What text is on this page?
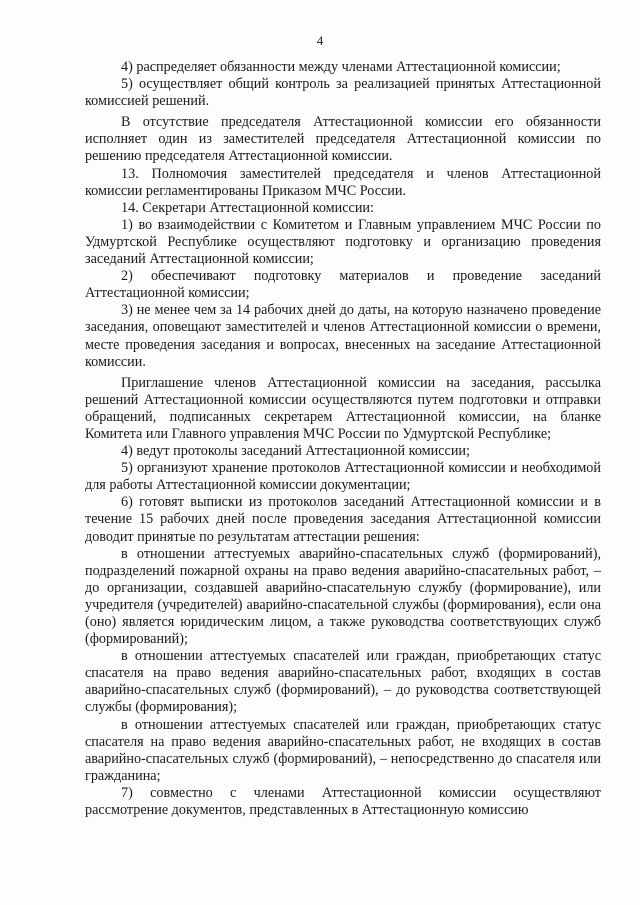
4

4) распределяет обязанности между членами Аттестационной комиссии;

5) осуществляет общий контроль за реализацией принятых Аттестационной комиссией решений.

В отсутствие председателя Аттестационной комиссии его обязанности исполняет один из заместителей председателя Аттестационной комиссии по решению председателя Аттестационной комиссии.

13. Полномочия заместителей председателя и членов Аттестационной комиссии регламентированы Приказом МЧС России.

14. Секретари Аттестационной комиссии:

1) во взаимодействии с Комитетом и Главным управлением МЧС России по Удмуртской Республике осуществляют подготовку и организацию проведения заседаний Аттестационной комиссии;

2) обеспечивают подготовку материалов и проведение заседаний Аттестационной комиссии;

3) не менее чем за 14 рабочих дней до даты, на которую назначено проведение заседания, оповещают заместителей и членов Аттестационной комиссии о времени, месте проведения заседания и вопросах, внесенных на заседание Аттестационной комиссии.

Приглашение членов Аттестационной комиссии на заседания, рассылка решений Аттестационной комиссии осуществляются путем подготовки и отправки обращений, подписанных секретарем Аттестационной комиссии, на бланке Комитета или Главного управления МЧС России по Удмуртской Республике;

4) ведут протоколы заседаний Аттестационной комиссии;

5) организуют хранение протоколов Аттестационной комиссии и необходимой для работы Аттестационной комиссии документации;

6) готовят выписки из протоколов заседаний Аттестационной комиссии и в течение 15 рабочих дней после проведения заседания Аттестационной комиссии доводит принятые по результатам аттестации решения:

в отношении аттестуемых аварийно-спасательных служб (формирований), подразделений пожарной охраны на право ведения аварийно-спасательных работ, – до организации, создавшей аварийно-спасательную службу (формирование), или учредителя (учредителей) аварийно-спасательной службы (формирования), если она (оно) является юридическим лицом, а также руководства соответствующих служб (формирований);

в отношении аттестуемых спасателей или граждан, приобретающих статус спасателя на право ведения аварийно-спасательных работ, входящих в состав аварийно-спасательных служб (формирований), – до руководства соответствующей службы (формирования);

в отношении аттестуемых спасателей или граждан, приобретающих статус спасателя на право ведения аварийно-спасательных работ, не входящих в состав аварийно-спасательных служб (формирований), – непосредственно до спасателя или гражданина;

7) совместно с членами Аттестационной комиссии осуществляют рассмотрение документов, представленных в Аттестационную комиссию
